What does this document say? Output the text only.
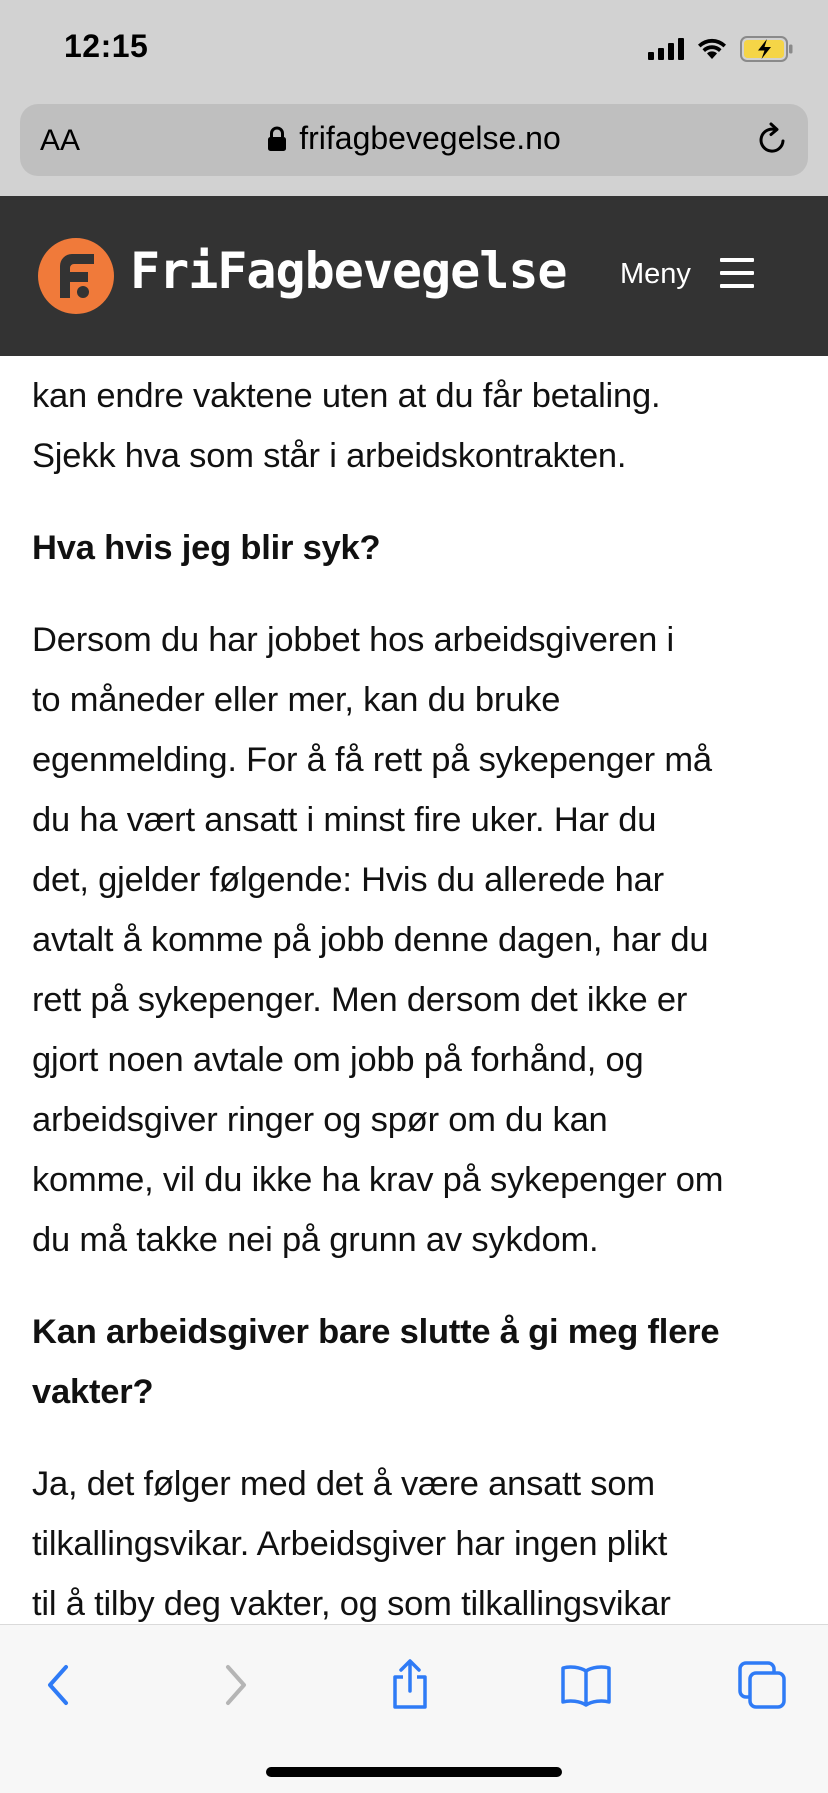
12:15
AA	frifagbevegelse.no
FriFagbevegelse Meny

kan endre vaktene uten at du får betaling.
Sjekk hva som står i arbeidskontrakten.

Hva hvis jeg blir syk?

Dersom du har jobbet hos arbeidsgiveren i
to måneder eller mer, kan du bruke
egenmelding. For å få rett på sykepenger må
du ha vært ansatt i minst fire uker. Har du
det, gjelder følgende: Hvis du allerede har
avtalt å komme på jobb denne dagen, har du
rett på sykepenger. Men dersom det ikke er
gjort noen avtale om jobb på forhånd, og
arbeidsgiver ringer og spør om du kan
komme, vil du ikke ha krav på sykepenger om
du må takke nei på grunn av sykdom.

Kan arbeidsgiver bare slutte å gi meg flere
vakter?

Ja, det følger med det å være ansatt som
tilkallingsvikar. Arbeidsgiver har ingen plikt
til å tilby deg vakter, og som tilkallingsvikar
